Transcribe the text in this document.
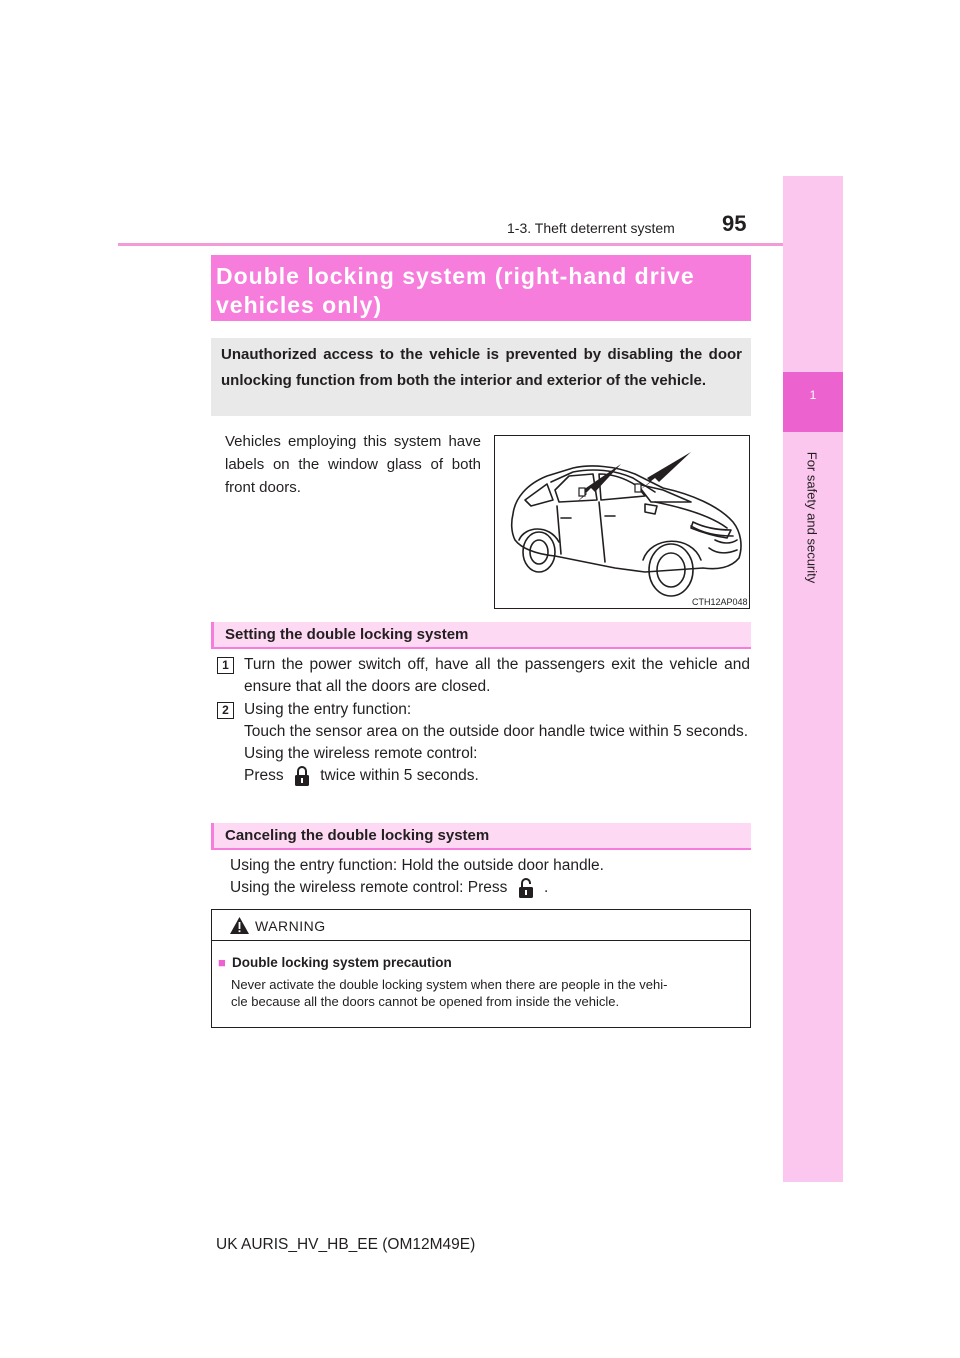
1-3. Theft deterrent system 95
1
For safety and security
Double locking system (right-hand drive
vehicles only)
Unauthorized access to the vehicle is prevented by disabling the door unlocking function from both the interior and exterior of the vehicle.
Vehicles employing this system have labels on the window glass of both front doors.
CTH12AP048
Setting the double locking system
1 Turn the power switch off, have all the passengers exit the vehicle and ensure that all the doors are closed.
2 Using the entry function:

Touch the sensor area on the outside door handle twice within 5 seconds.

Using the wireless remote control:

Press twice within 5 seconds.

Canceling the double locking system
Using the entry function: Hold the outside door handle.
Using the wireless remote control: Press .
WARNING
■ Double locking system precaution
Never activate the double locking system when there are people in the vehi-
cle because all the doors cannot be opened from inside the vehicle.
UK AURIS_HV_HB_EE (OM12M49E)
